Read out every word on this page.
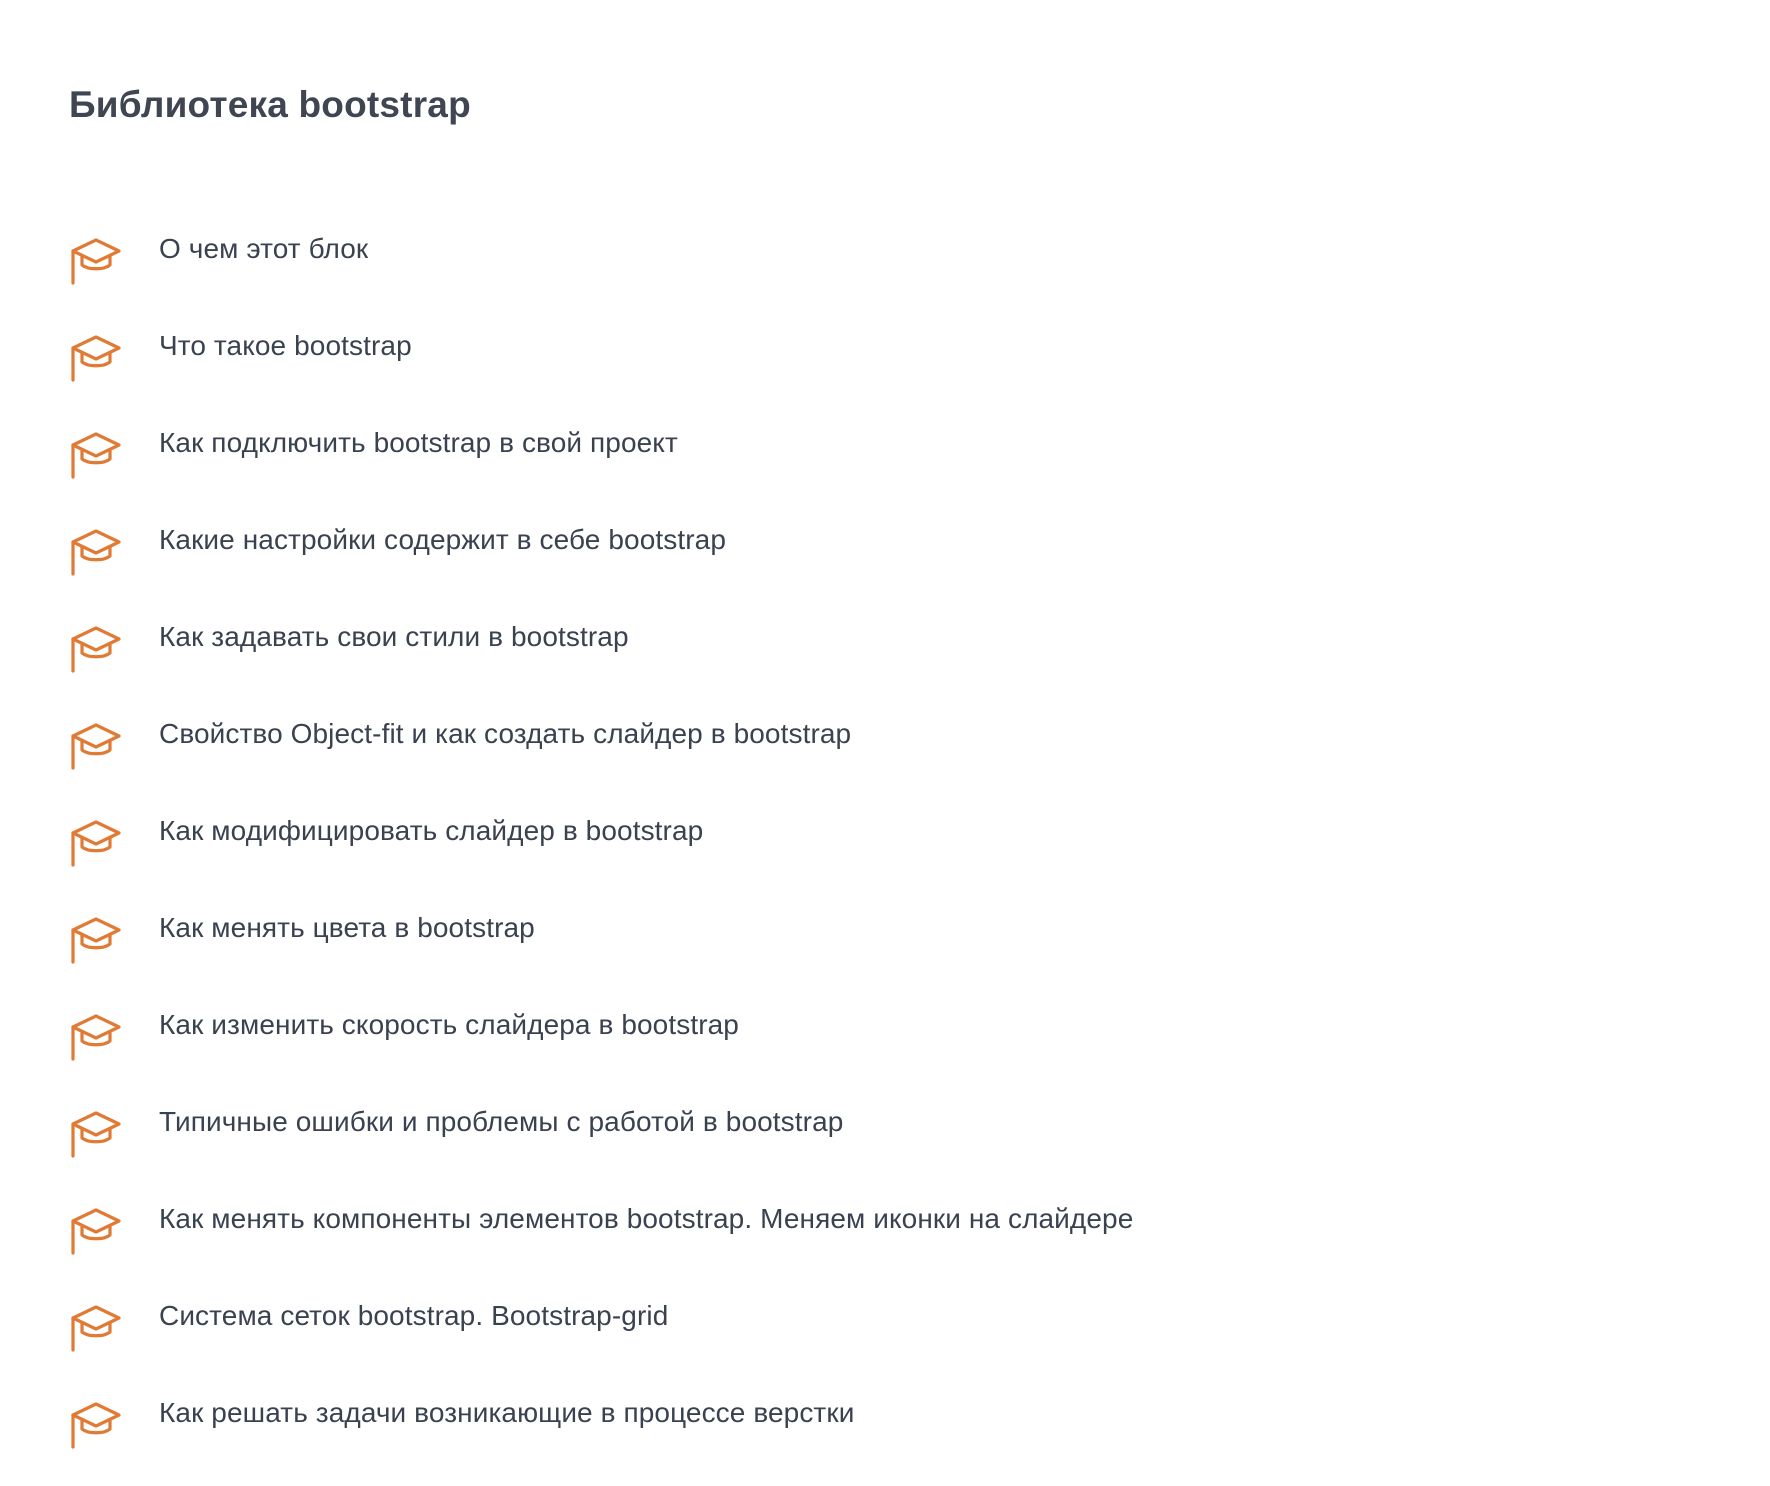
Библиотека bootstrap
О чем этот блок
Что такое bootstrap
Как подключить bootstrap в свой проект
Какие настройки содержит в себе bootstrap
Как задавать свои стили в bootstrap
Свойство Object-fit и как создать слайдер в bootstrap
Как модифицировать слайдер в bootstrap
Как менять цвета в bootstrap
Как изменить скорость слайдера в bootstrap
Типичные ошибки и проблемы с работой в bootstrap
Как менять компоненты элементов bootstrap. Меняем иконки на слайдере
Система сеток bootstrap. Bootstrap-grid
Как решать задачи возникающие в процессе верстки
